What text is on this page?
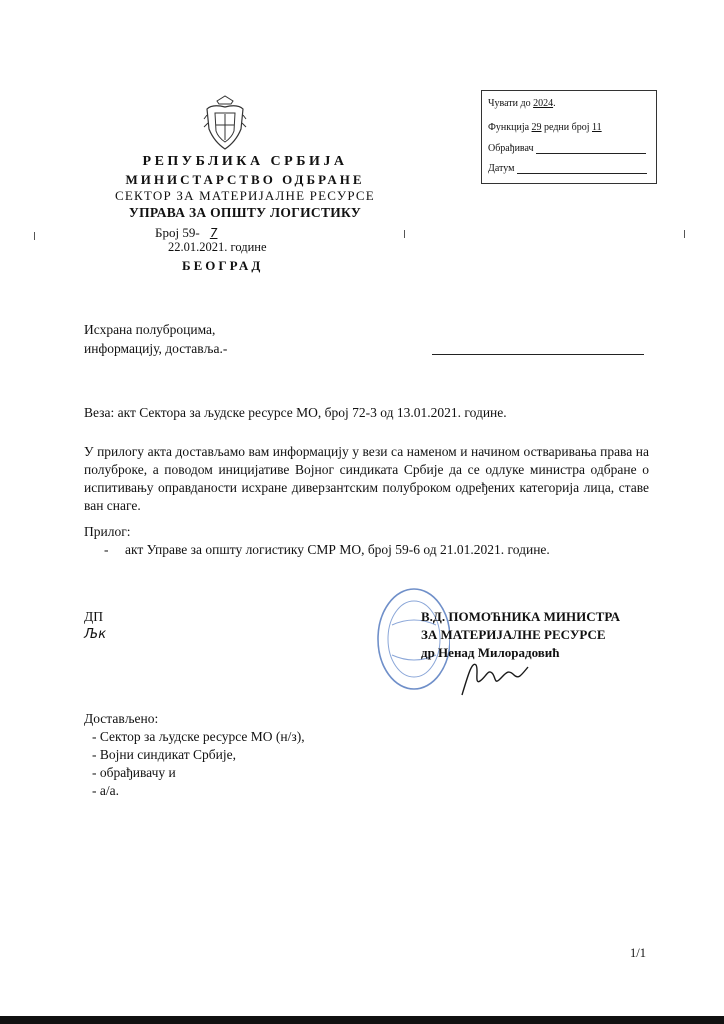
Чувати до 2024.
Функција 29 редни број 11
Обрађивач
Датум
РЕПУБЛИКА СРБИЈА
МИНИСТАРСТВО ОДБРАНЕ
СЕКТОР ЗА МАТЕРИЈАЛНЕ РЕСУРСЕ
УПРАВА ЗА ОПШТУ ЛОГИСТИКУ
Број 59- 7
22.01.2021. године
БЕОГРАД
Исхрана полуброцима,
информацију, доставља.-
Веза: акт Сектора за људске ресурсе МО, број 72-3 од 13.01.2021. године.
У прилогу акта достављамо вам информацију у вези са наменом и начином остваривања права на полуброке, а поводом иницијативе Војног синдиката Србије да се одлуке министра одбране о испитивању оправданости исхране диверзантским полуброком одређених категорија лица, ставе ван снаге.
Прилог:
- акт Управе за општу логистику СМР МО, број 59-6 од 21.01.2021. године.
ДП
Љк
В.Д. ПОМОЋНИКА МИНИСТРА
ЗА МАТЕРИЈАЛНЕ РЕСУРСЕ
др Ненад Милорадовић
Достављено:
- Сектор за људске ресурсе МО (н/з),
- Војни синдикат Србије,
- обрађивачу и
- а/а.
1/1
